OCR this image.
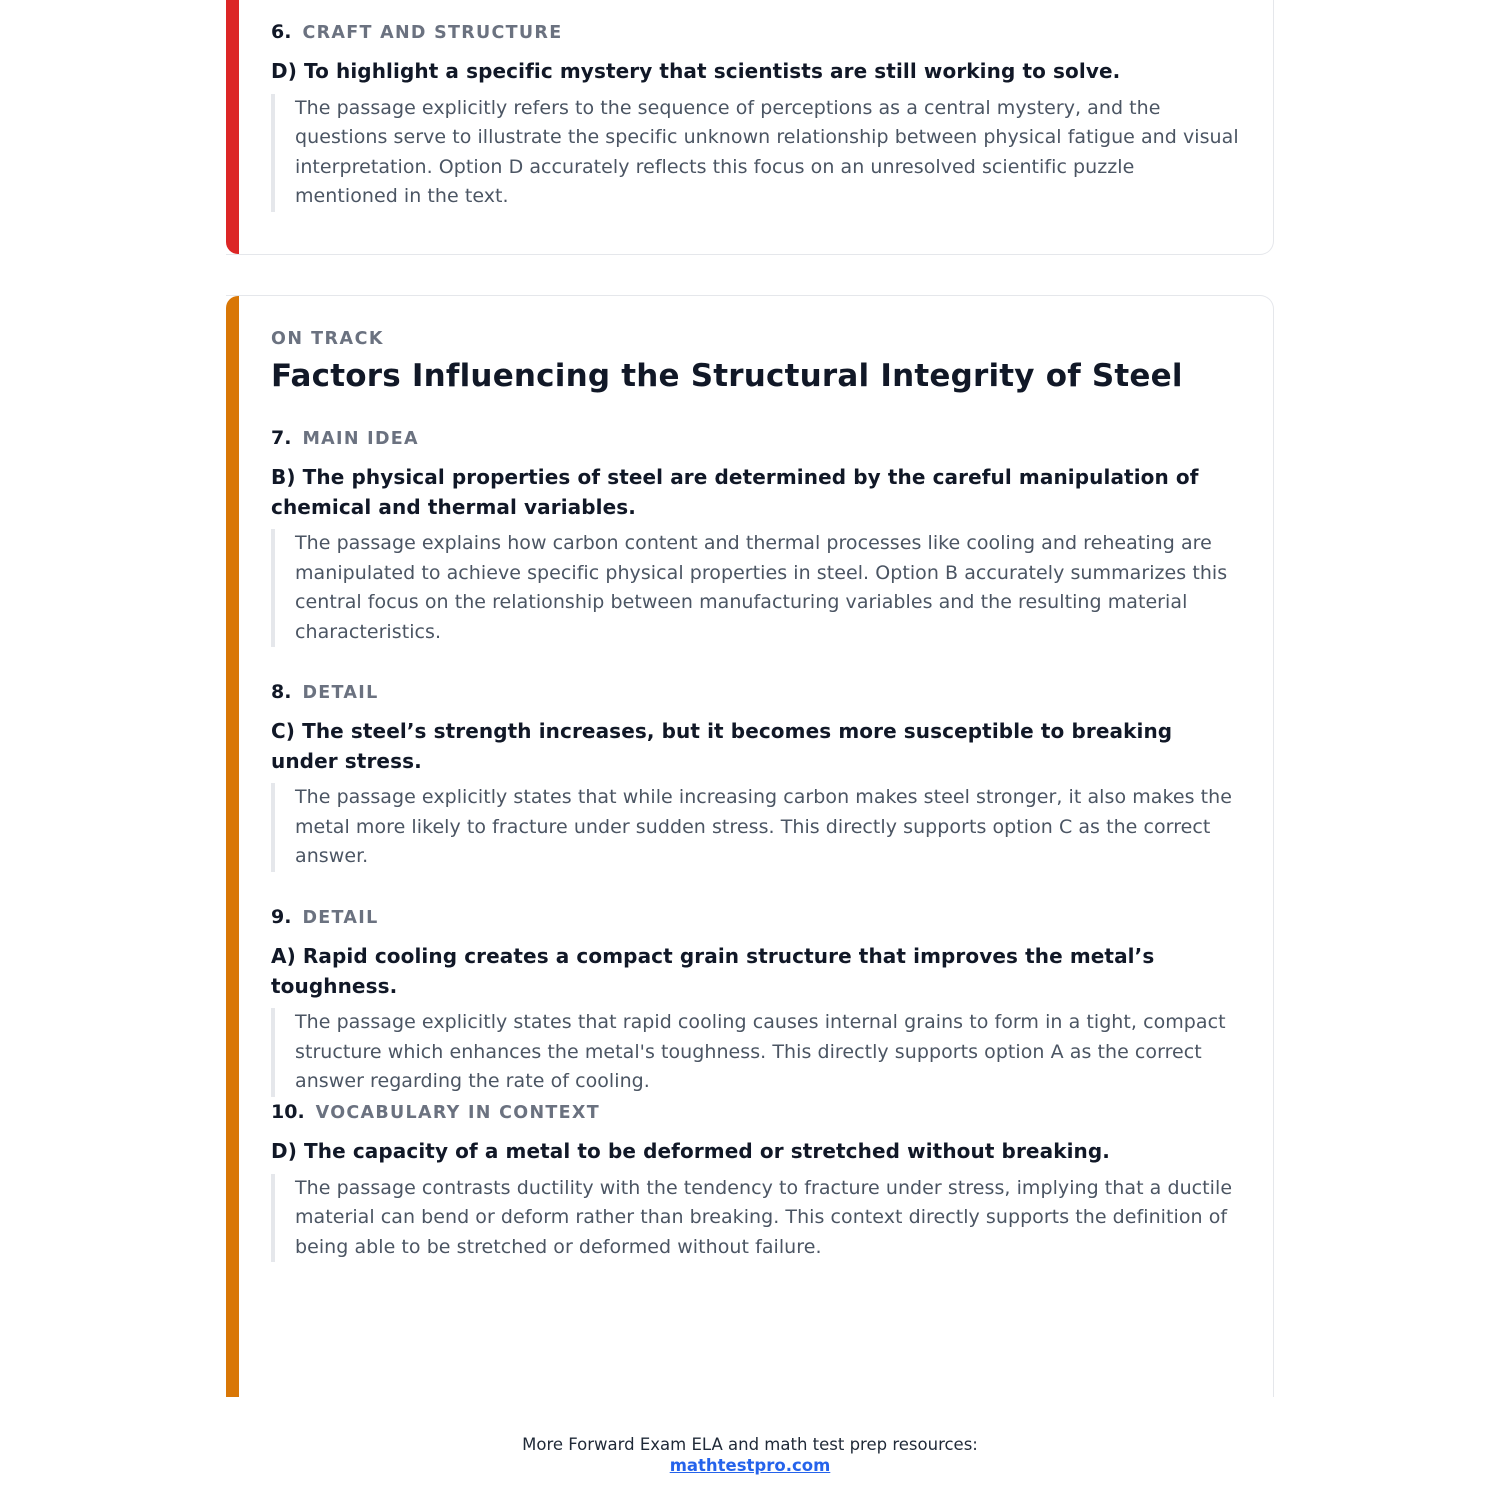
6. CRAFT AND STRUCTURE
D) To highlight a specific mystery that scientists are still working to solve.
The passage explicitly refers to the sequence of perceptions as a central mystery, and the questions serve to illustrate the specific unknown relationship between physical fatigue and visual interpretation. Option D accurately reflects this focus on an unresolved scientific puzzle mentioned in the text.
ON TRACK
Factors Influencing the Structural Integrity of Steel
7. MAIN IDEA
B) The physical properties of steel are determined by the careful manipulation of chemical and thermal variables.
The passage explains how carbon content and thermal processes like cooling and reheating are manipulated to achieve specific physical properties in steel. Option B accurately summarizes this central focus on the relationship between manufacturing variables and the resulting material characteristics.
8. DETAIL
C) The steel’s strength increases, but it becomes more susceptible to breaking under stress.
The passage explicitly states that while increasing carbon makes steel stronger, it also makes the metal more likely to fracture under sudden stress. This directly supports option C as the correct answer.
9. DETAIL
A) Rapid cooling creates a compact grain structure that improves the metal’s toughness.
The passage explicitly states that rapid cooling causes internal grains to form in a tight, compact structure which enhances the metal's toughness. This directly supports option A as the correct answer regarding the rate of cooling.
10. VOCABULARY IN CONTEXT
D) The capacity of a metal to be deformed or stretched without breaking.
The passage contrasts ductility with the tendency to fracture under stress, implying that a ductile material can bend or deform rather than breaking. This context directly supports the definition of being able to be stretched or deformed without failure.
More Forward Exam ELA and math test prep resources:
mathtestpro.com
